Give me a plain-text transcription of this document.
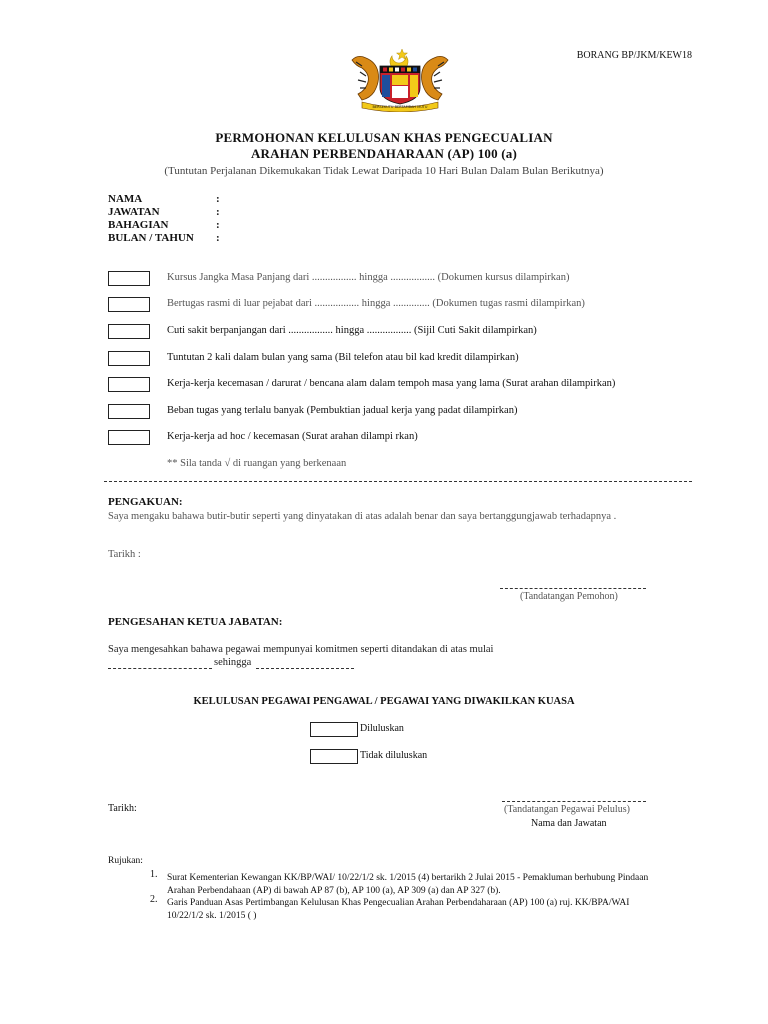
BORANG BP/JKM/KEW18
BERSEKUTU BERTAMBAH MUTU
PERMOHONAN KELULUSAN KHAS PENGECUALIAN
ARAHAN PERBENDAHARAAN (AP) 100 (a)
(Tuntutan Perjalanan Dikemukakan Tidak Lewat Daripada 10 Hari Bulan Dalam Bulan Berikutnya)
NAMA	:
JAWATAN	:
BAHAGIAN	:
BULAN / TAHUN :
Kursus Jangka Masa Panjang dari ................. hingga ................. (Dokumen kursus dilampirkan)
Bertugas rasmi di luar pejabat dari ................. hingga .............. (Dokumen tugas rasmi dilampirkan)
Cuti sakit berpanjangan dari ................. hingga ................. (Sijil Cuti Sakit dilampirkan)
Tuntutan 2 kali dalam bulan yang sama (Bil telefon atau bil kad kredit dilampirkan)
Kerja-kerja kecemasan / darurat / bencana alam dalam tempoh masa yang lama (Surat arahan dilampirkan)
Beban tugas yang terlalu banyak (Pembuktian jadual kerja yang padat dilampirkan)
Kerja-kerja ad hoc / kecemasan (Surat arahan dilampi rkan)
** Sila tanda √ di ruangan yang berkenaan
PENGAKUAN:
Saya mengaku bahawa butir-butir seperti yang dinyatakan di atas adalah benar dan saya bertanggungjawab terhadapnya .
Tarikh :
(Tandatangan Pemohon)
PENGESAHAN KETUA JABATAN:
Saya mengesahkan bahawa pegawai mempunyai komitmen seperti ditandakan di atas mulai
sehingga
KELULUSAN PEGAWAI PENGAWAL / PEGAWAI YANG DIWAKILKAN KUASA
Diluluskan
Tidak diluluskan
Tarikh:	(Tandatangan Pegawai Pelulus)
Nama dan Jawatan
Rujukan:
1. Surat Kementerian Kewangan KK/BP/WAI/ 10/22/1/2 sk. 1/2015 (4) bertarikh 2 Julai 2015 - Pemakluman berhubung Pindaan
Arahan Perbendahaan (AP) di bawah AP 87 (b), AP 100 (a), AP 309 (a) dan AP 327 (b).
2. Garis Panduan Asas Pertimbangan Kelulusan Khas Pengecualian Arahan Perbendaharaan (AP) 100 (a) ruj. KK/BPA/WAI
10/22/1/2 sk. 1/2015 ( )
